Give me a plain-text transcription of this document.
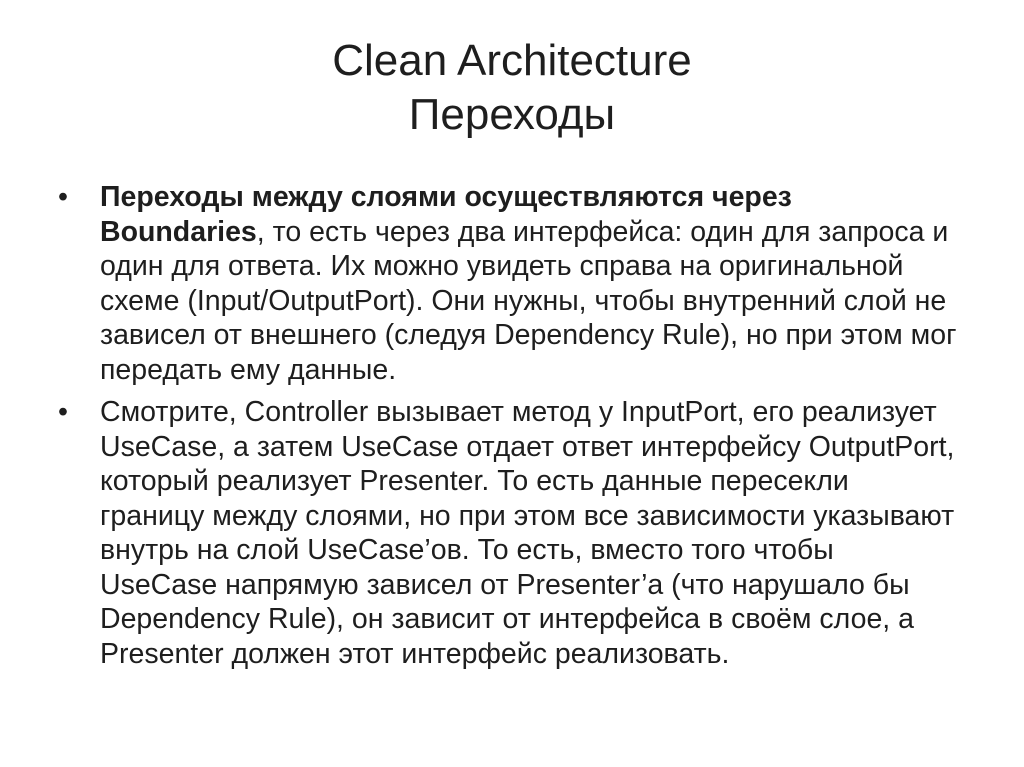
Clean Architecture
Переходы
•	Переходы между слоями осуществляются через Boundaries, то есть через два интерфейса: один для запроса и один для ответа. Их можно увидеть справа на оригинальной схеме (Input/OutputPort). Они нужны, чтобы внутренний слой не зависел от внешнего (следуя Dependency Rule), но при этом мог передать ему данные.

•	Смотрите, Controller вызывает метод у InputPort, его реализует UseCase, а затем UseCase отдает ответ интерфейсу OutputPort, который реализует Presenter. То есть данные пересекли границу между слоями, но при этом все зависимости указывают внутрь на слой UseCase’ов. То есть, вместо того чтобы UseCase напрямую зависел от Presenter’а (что нарушало бы Dependency Rule), он зависит от интерфейса в своём слое, а Presenter должен этот интерфейс реализовать.
